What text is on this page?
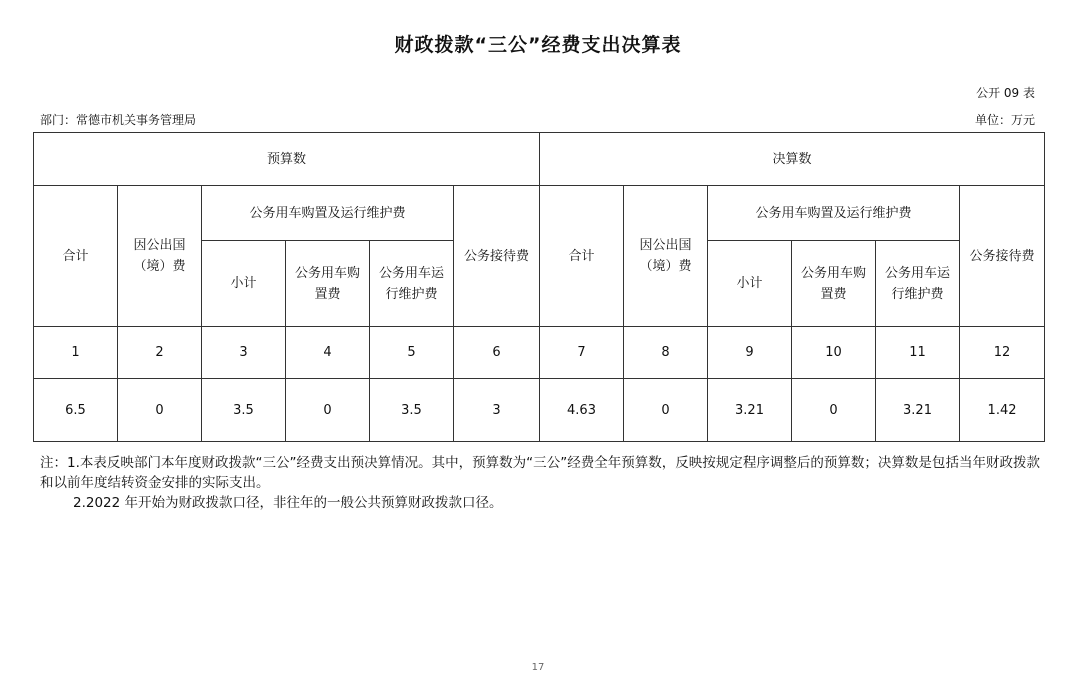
财政拨款“三公”经费支出决算表
公开 09 表
部门：常德市机关事务管理局	单位：万元
预算数						决算数					
合计	因公出国（境）费	公务用车购置及运行维护费			公务接待费	合计	因公出国（境）费	公务用车购置及运行维护费			公务接待费
		小计	公务用车购置费	公务用车运行维护费				小计	公务用车购置费	公务用车运行维护费	
1	2	3	4	5	6	7	8	9	10	11	12
6.5	0	3.5	0	3.5	3	4.63	0	3.21	0	3.21	1.42

注：1.本表反映部门本年度财政拨款“三公”经费支出预决算情况。其中，预算数为“三公”经费全年预算数，反映按规定程序调整后的预算数；决算数是包括当年财政拨款和以前年度结转资金安排的实际支出。

2.2022 年开始为财政拨款口径，非往年的一般公共预算财政拨款口径。

17
